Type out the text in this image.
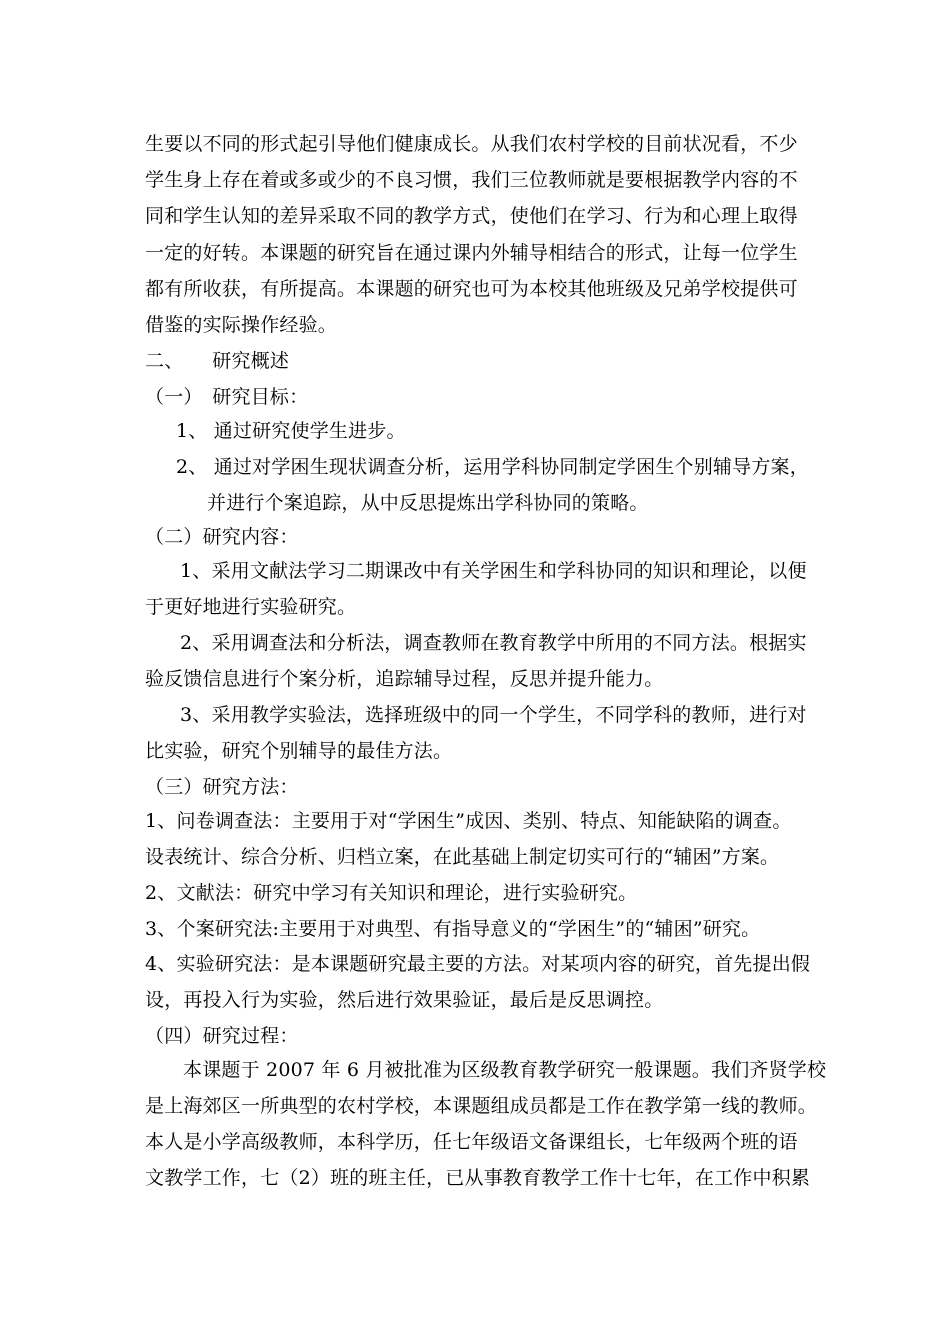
生要以不同的形式起引导他们健康成长。从我们农村学校的目前状况看，不少
学生身上存在着或多或少的不良习惯，我们三位教师就是要根据教学内容的不
同和学生认知的差异采取不同的教学方式，使他们在学习、行为和心理上取得
一定的好转。本课题的研究旨在通过课内外辅导相结合的形式，让每一位学生
都有所收获，有所提高。本课题的研究也可为本校其他班级及兄弟学校提供可
借鉴的实际操作经验。
二、　　研究概述
（一）　研究目标：
1、 通过研究使学生进步。
2、 通过对学困生现状调查分析，运用学科协同制定学困生个别辅导方案，
并进行个案追踪，从中反思提炼出学科协同的策略。
（二）研究内容：
1、采用文献法学习二期课改中有关学困生和学科协同的知识和理论，以便
于更好地进行实验研究。
2、采用调查法和分析法，调查教师在教育教学中所用的不同方法。根据实
验反馈信息进行个案分析，追踪辅导过程，反思并提升能力。
3、采用教学实验法，选择班级中的同一个学生，不同学科的教师，进行对
比实验，研究个别辅导的最佳方法。
（三）研究方法：
1、问卷调查法：主要用于对“学困生”成因、类别、特点、知能缺陷的调查。
设表统计、综合分析、归档立案，在此基础上制定切实可行的“辅困”方案。
2、文献法：研究中学习有关知识和理论，进行实验研究。
3、个案研究法:主要用于对典型、有指导意义的“学困生”的“辅困”研究。
4、实验研究法：是本课题研究最主要的方法。对某项内容的研究，首先提出假
设，再投入行为实验，然后进行效果验证，最后是反思调控。
（四）研究过程：
本课题于 2007 年 6 月被批准为区级教育教学研究一般课题。我们齐贤学校
是上海郊区一所典型的农村学校，本课题组成员都是工作在教学第一线的教师。
本人是小学高级教师，本科学历，任七年级语文备课组长，七年级两个班的语
文教学工作，七（2）班的班主任，已从事教育教学工作十七年，在工作中积累
